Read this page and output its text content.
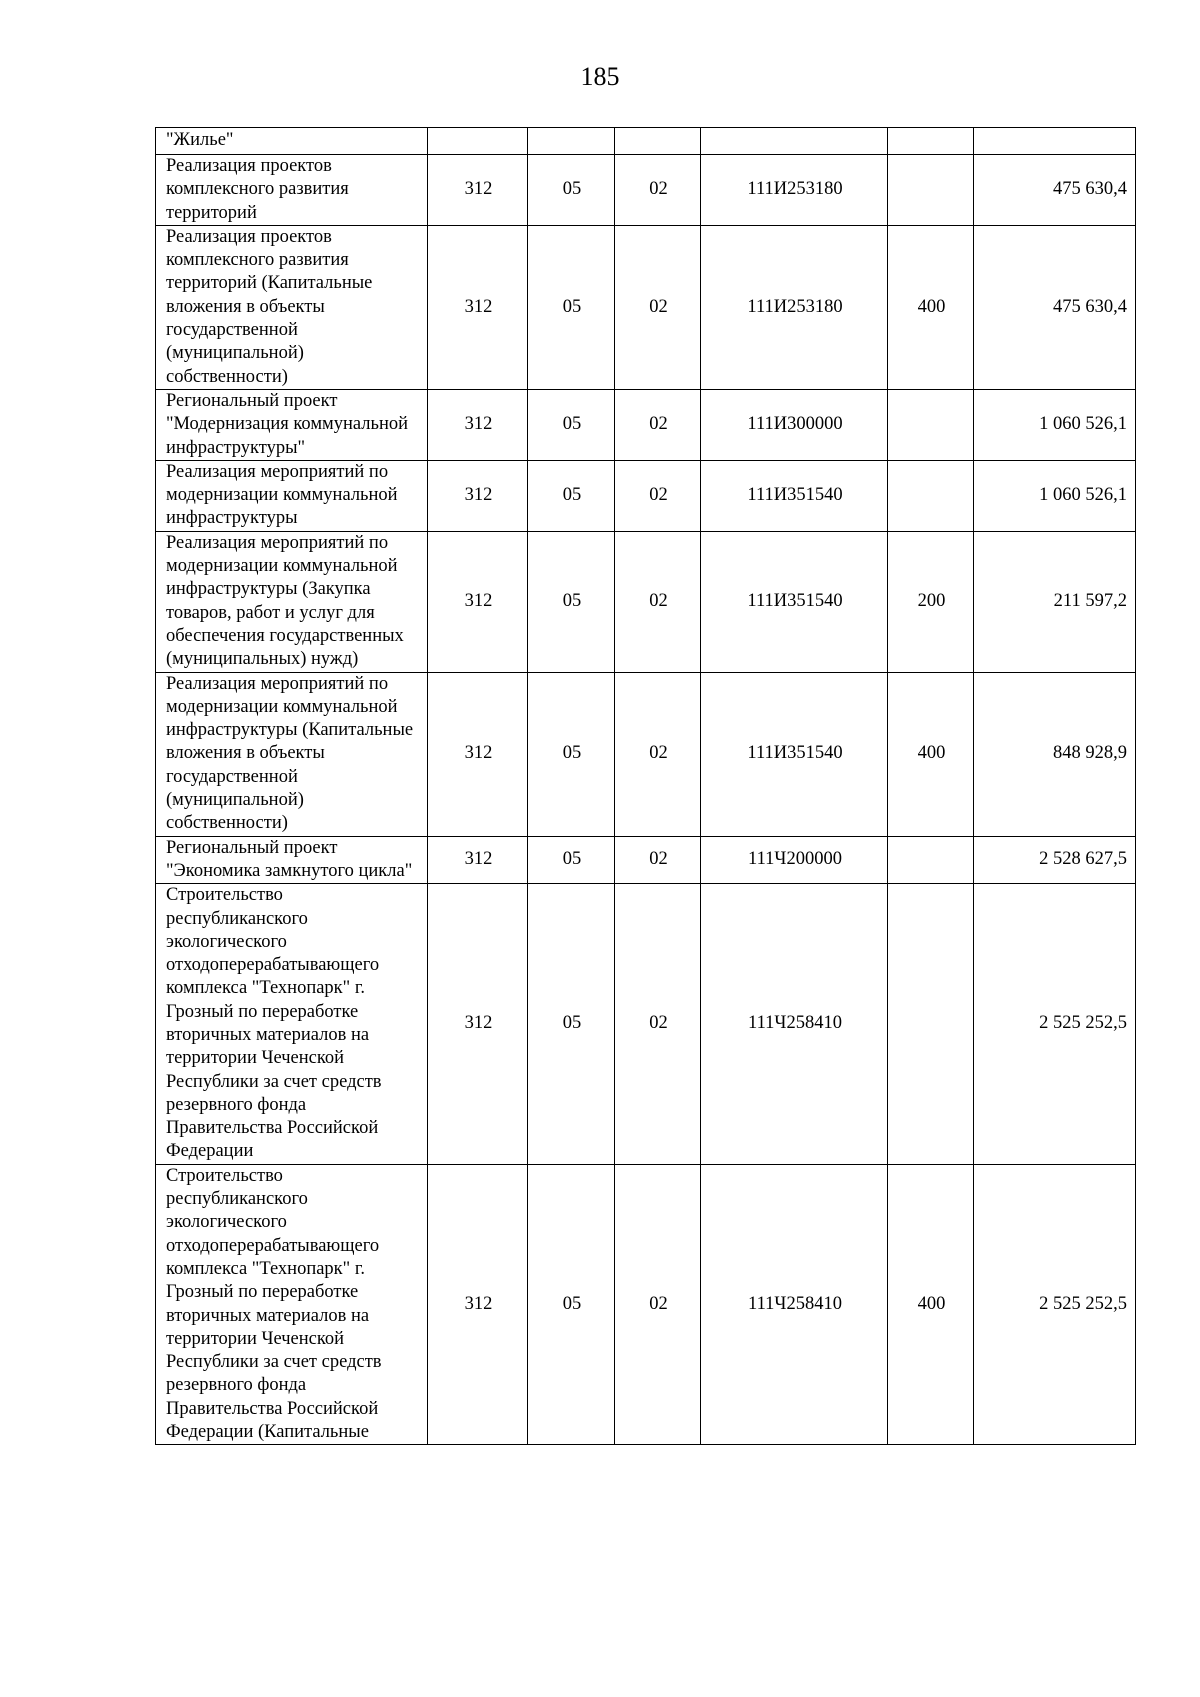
185
"Жилье"						
Реализация проектов комплексного развития территорий	312	05	02	111И253180		475 630,4
Реализация проектов комплексного развития территорий (Капитальные вложения в объекты государственной (муниципальной) собственности)	312	05	02	111И253180	400	475 630,4
Региональный проект "Модернизация коммунальной инфраструктуры"	312	05	02	111И300000		1 060 526,1
Реализация мероприятий по модернизации коммунальной инфраструктуры	312	05	02	111И351540		1 060 526,1
Реализация мероприятий по модернизации коммунальной инфраструктуры (Закупка товаров, работ и услуг для обеспечения государственных (муниципальных) нужд)	312	05	02	111И351540	200	211 597,2
Реализация мероприятий по модернизации коммунальной инфраструктуры (Капитальные вложения в объекты государственной (муниципальной) собственности)	312	05	02	111И351540	400	848 928,9
Региональный проект "Экономика замкнутого цикла"	312	05	02	111Ч200000		2 528 627,5
Строительство республиканского экологического отходоперерабатывающего комплекса "Технопарк" г. Грозный по переработке вторичных материалов на территории Чеченской Республики за счет средств резервного фонда Правительства Российской Федерации	312	05	02	111Ч258410		2 525 252,5
Строительство республиканского экологического отходоперерабатывающего комплекса "Технопарк" г. Грозный по переработке вторичных материалов на территории Чеченской Республики за счет средств резервного фонда Правительства Российской Федерации (Капитальные	312	05	02	111Ч258410	400	2 525 252,5
